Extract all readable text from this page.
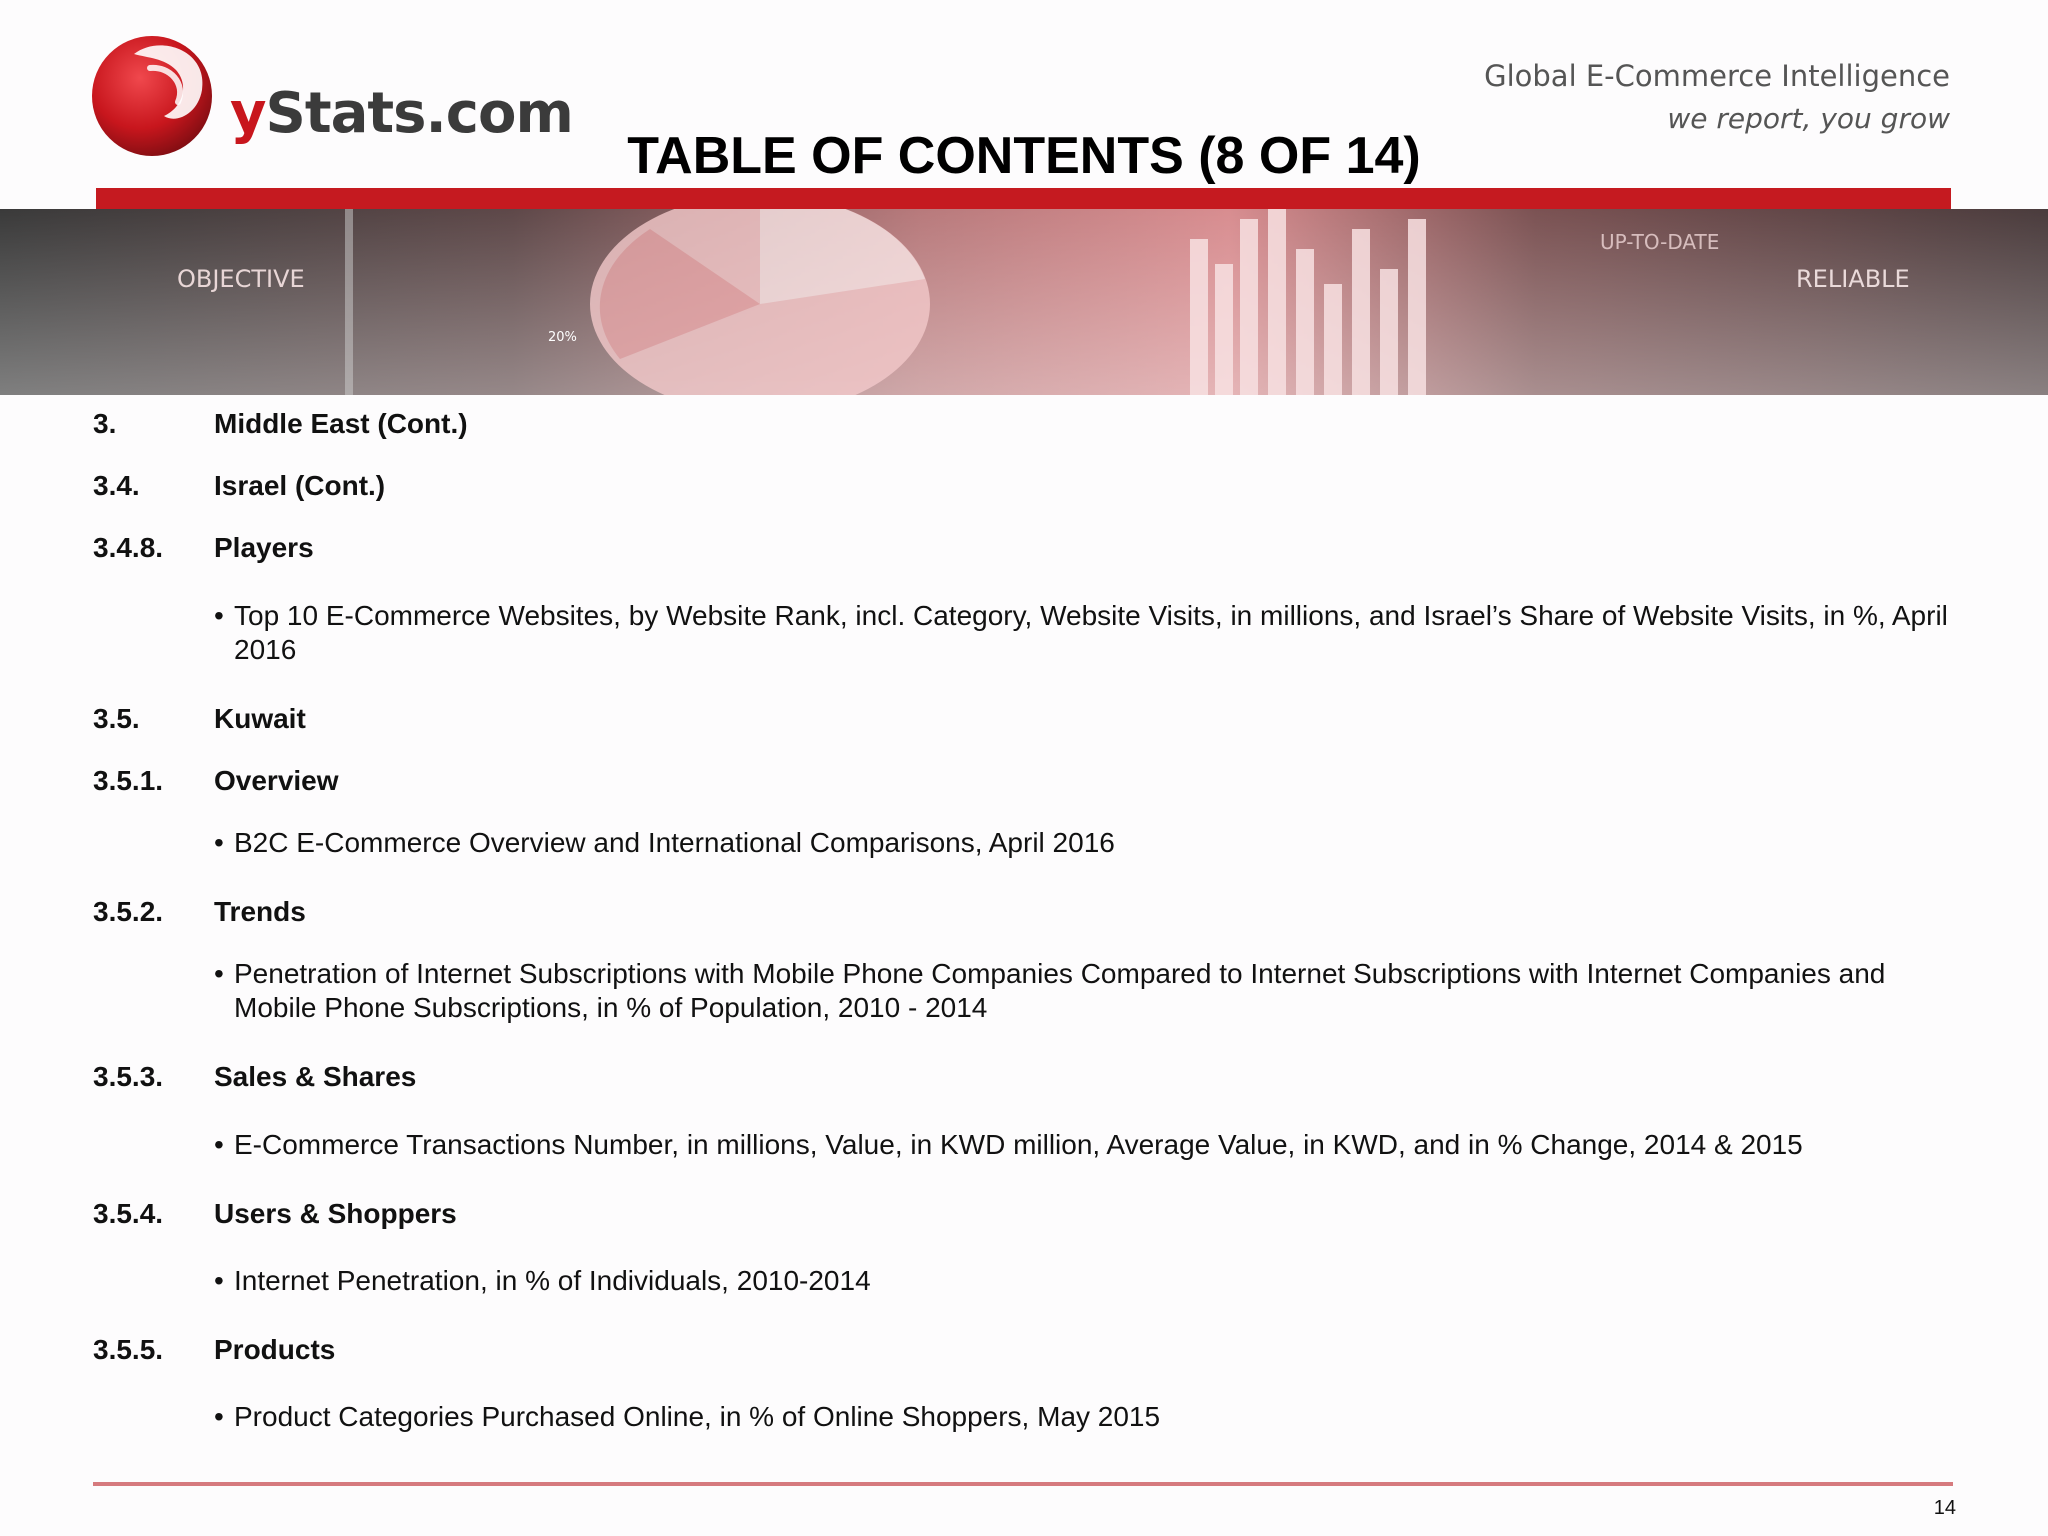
yStats.com
Global E-Commerce Intelligence
we report, you grow
TABLE OF CONTENTS (8 OF 14)
OBJECTIVE
UP-TO-DATE
RELIABLE
20%
3.	Middle East (Cont.)
3.4.	Israel (Cont.)
3.4.8. Players
• Top 10 E-Commerce Websites, by Website Rank, incl. Category, Website Visits, in millions, and Israel’s Share of Website Visits, in %, April 2016
3.5.	Kuwait
3.5.1. Overview
• B2C E-Commerce Overview and International Comparisons, April 2016
3.5.2. Trends
• Penetration of Internet Subscriptions with Mobile Phone Companies Compared to Internet Subscriptions with Internet Companies and Mobile Phone Subscriptions, in % of Population, 2010 - 2014
3.5.3. Sales & Shares
• E-Commerce Transactions Number, in millions, Value, in KWD million, Average Value, in KWD, and in % Change, 2014 & 2015
3.5.4. Users & Shoppers
• Internet Penetration, in % of Individuals, 2010-2014
3.5.5. Products
• Product Categories Purchased Online, in % of Online Shoppers, May 2015
14
